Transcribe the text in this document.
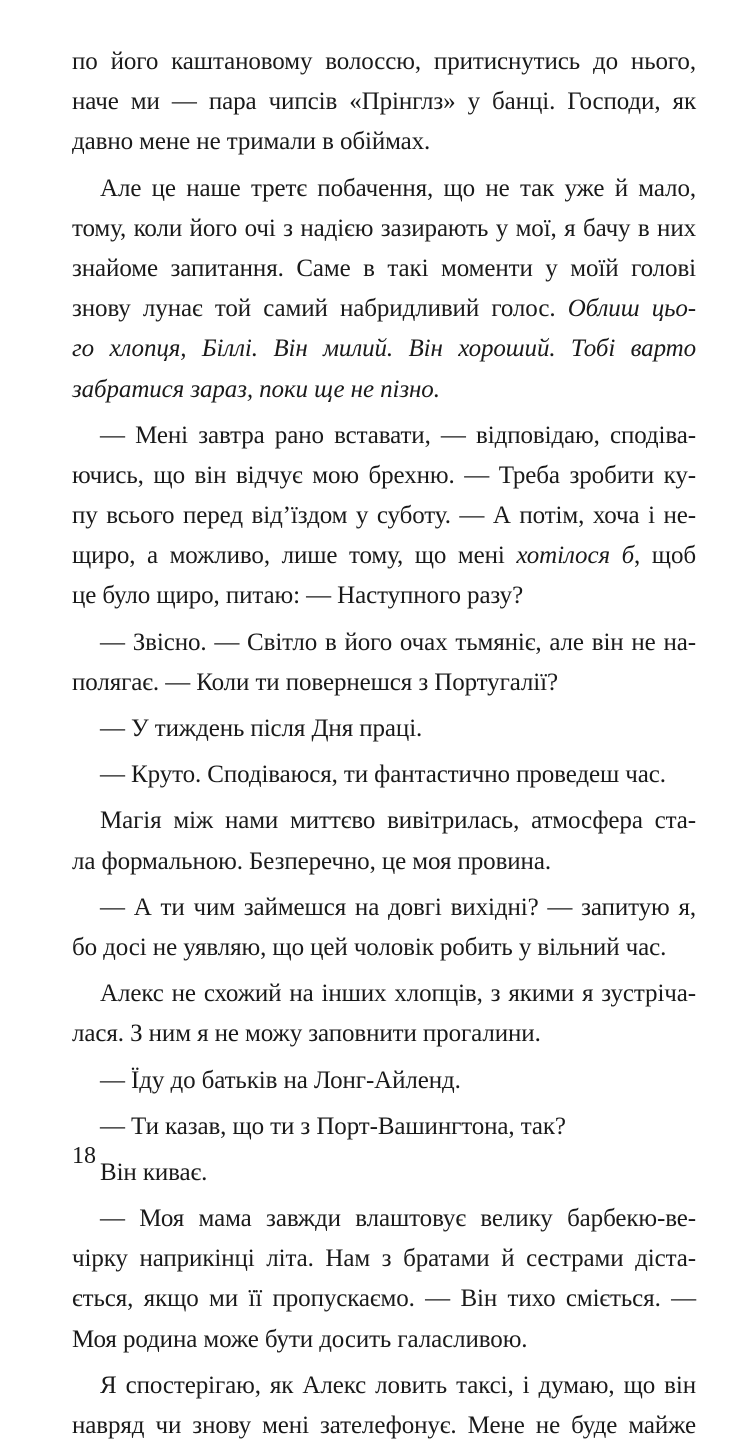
по його каштановому волоссю, притиснутись до нього,
наче ми — пара чипсів «Прінглз» у банці. Господи, як
давно мене не тримали в обіймах.
Але це наше третє побачення, що не так уже й мало,
тому, коли його очі з надією зазирають у мої, я бачу в них
знайоме запитання. Саме в такі моменти у моїй голові
знову лунає той самий набридливий голос. Облиш цьо-
го хлопця, Біллі. Він милий. Він хороший. Тобі варто
забратися зараз, поки ще не пізно.
— Мені завтра рано вставати, — відповідаю, сподіва-
ючись, що він відчує мою брехню. — Треба зробити ку-
пу всього перед від’їздом у суботу. — А потім, хоча і не-
щиро, а можливо, лише тому, що мені хотілося б, щоб
це було щиро, питаю: — Наступного разу?
— Звісно. — Світло в його очах тьмяніє, але він не на-
полягає. — Коли ти повернешся з Португалії?
— У тиждень після Дня праці.
— Круто. Сподіваюся, ти фантастично проведеш час.
Магія між нами миттєво вивітрилась, атмосфера ста-
ла формальною. Безперечно, це моя провина.
— А ти чим займешся на довгі вихідні? — запитую я,
бо досі не уявляю, що цей чоловік робить у вільний час.
Алекс не схожий на інших хлопців, з якими я зустріча-
лася. З ним я не можу заповнити прогалини.
— Їду до батьків на Лонг-Айленд.
— Ти казав, що ти з Порт-Вашингтона, так?
Він киває.
— Моя мама завжди влаштовує велику барбекю-ве-
чірку наприкінці літа. Нам з братами й сестрами діста-
ється, якщо ми її пропускаємо. — Він тихо сміється. —
Моя родина може бути досить галасливою.
Я спостерігаю, як Алекс ловить таксі, і думаю, що він
навряд чи знову мені зателефонує. Мене не буде майже
18
